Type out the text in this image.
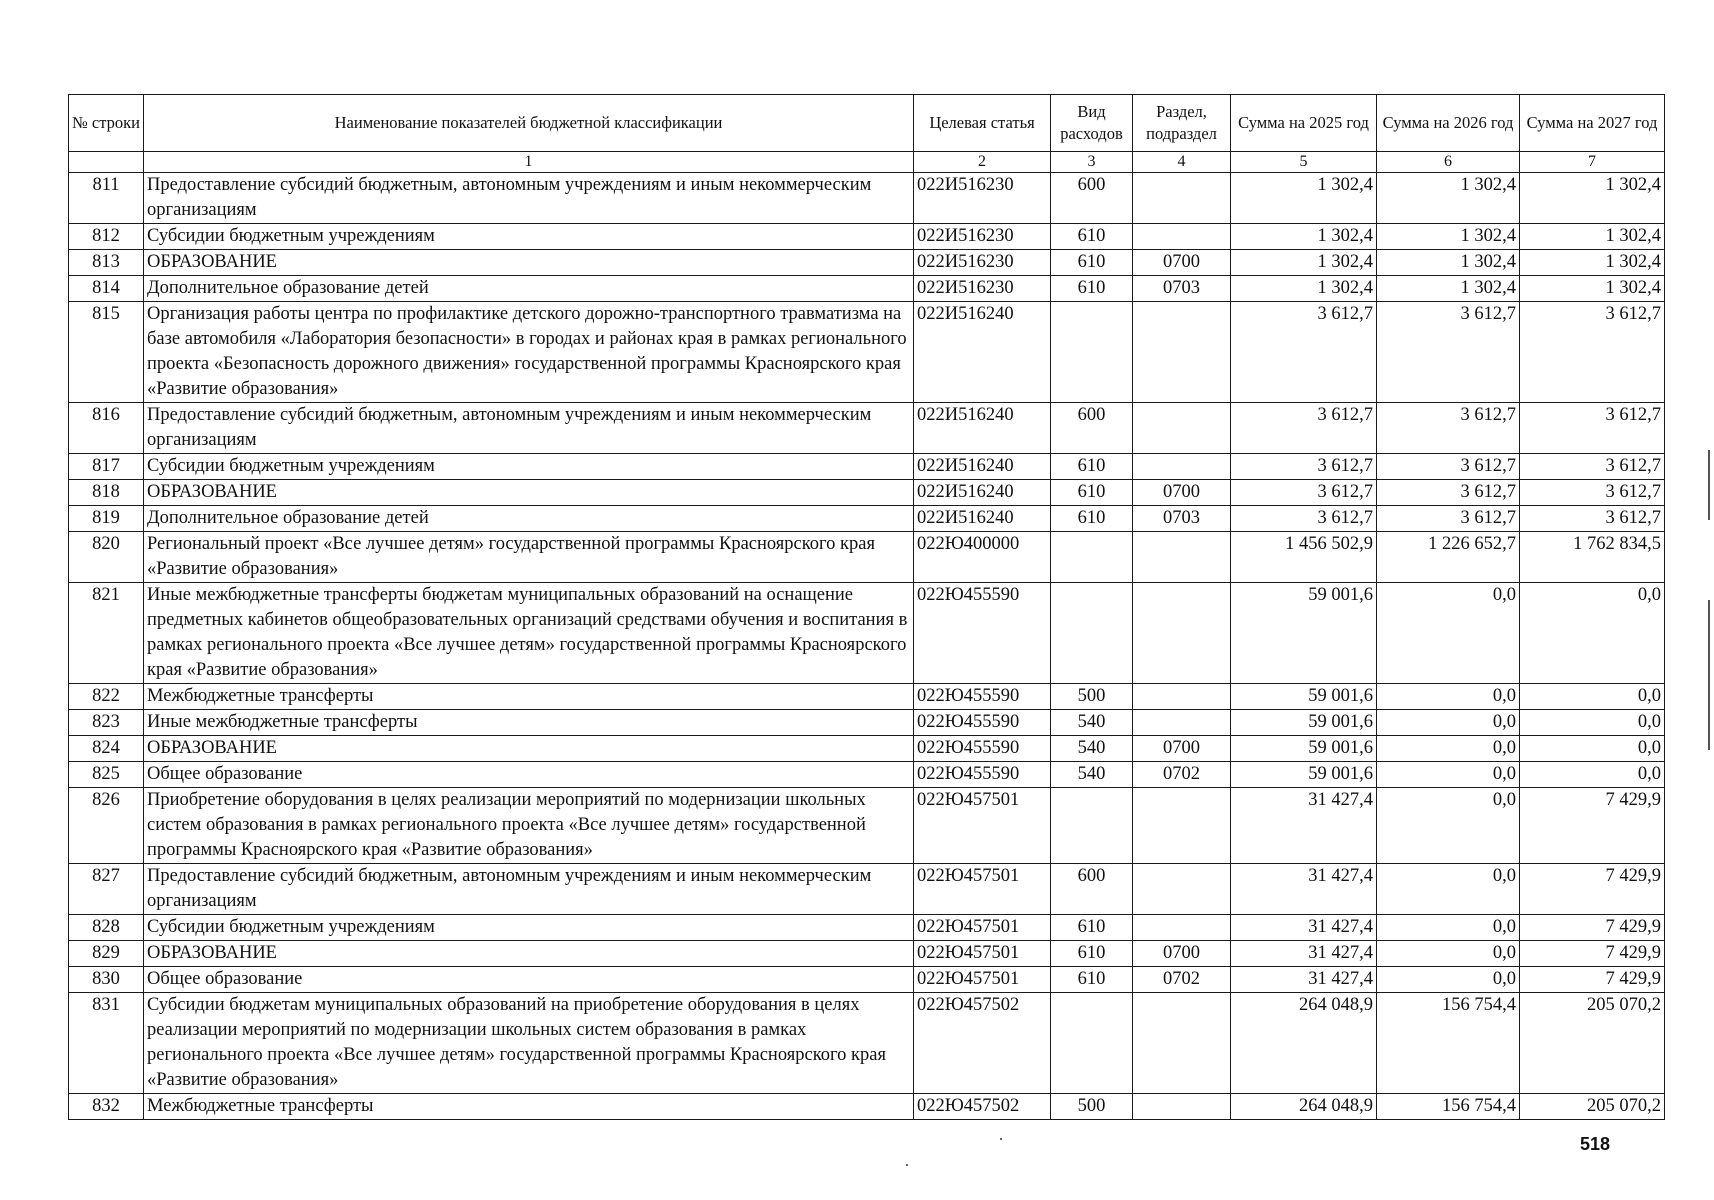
№ строки	Наименование показателей бюджетной классификации	Целевая статья	Вид расходов	Раздел, подраздел	Сумма на 2025 год	Сумма на 2026 год	Сумма на 2027 год
	1	2	3	4	5	6	7
811	Предоставление субсидий бюджетным, автономным учреждениям и иным некоммерческим организациям	022И516230	600		1 302,4	1 302,4	1 302,4
812	Субсидии бюджетным учреждениям	022И516230	610		1 302,4	1 302,4	1 302,4
813	ОБРАЗОВАНИЕ	022И516230	610	0700	1 302,4	1 302,4	1 302,4
814	Дополнительное образование детей	022И516230	610	0703	1 302,4	1 302,4	1 302,4
815	Организация работы центра по профилактике детского дорожно-транспортного травматизма на базе автомобиля «Лаборатория безопасности» в городах и районах края в рамках регионального проекта «Безопасность дорожного движения» государственной программы Красноярского края «Развитие образования»	022И516240			3 612,7	3 612,7	3 612,7
816	Предоставление субсидий бюджетным, автономным учреждениям и иным некоммерческим организациям	022И516240	600		3 612,7	3 612,7	3 612,7
817	Субсидии бюджетным учреждениям	022И516240	610		3 612,7	3 612,7	3 612,7
818	ОБРАЗОВАНИЕ	022И516240	610	0700	3 612,7	3 612,7	3 612,7
819	Дополнительное образование детей	022И516240	610	0703	3 612,7	3 612,7	3 612,7
820	Региональный проект «Все лучшее детям» государственной программы Красноярского края «Развитие образования»	022Ю400000			1 456 502,9	1 226 652,7	1 762 834,5
821	Иные межбюджетные трансферты бюджетам муниципальных образований на оснащение предметных кабинетов общеобразовательных организаций средствами обучения и воспитания в рамках регионального проекта «Все лучшее детям» государственной программы Красноярского края «Развитие образования»	022Ю455590			59 001,6	0,0	0,0
822	Межбюджетные трансферты	022Ю455590	500		59 001,6	0,0	0,0
823	Иные межбюджетные трансферты	022Ю455590	540		59 001,6	0,0	0,0
824	ОБРАЗОВАНИЕ	022Ю455590	540	0700	59 001,6	0,0	0,0
825	Общее образование	022Ю455590	540	0702	59 001,6	0,0	0,0
826	Приобретение оборудования в целях реализации мероприятий по модернизации школьных систем образования в рамках регионального проекта «Все лучшее детям» государственной программы Красноярского края «Развитие образования»	022Ю457501			31 427,4	0,0	7 429,9
827	Предоставление субсидий бюджетным, автономным учреждениям и иным некоммерческим организациям	022Ю457501	600		31 427,4	0,0	7 429,9
828	Субсидии бюджетным учреждениям	022Ю457501	610		31 427,4	0,0	7 429,9
829	ОБРАЗОВАНИЕ	022Ю457501	610	0700	31 427,4	0,0	7 429,9
830	Общее образование	022Ю457501	610	0702	31 427,4	0,0	7 429,9
831	Субсидии бюджетам муниципальных образований на приобретение оборудования в целях реализации мероприятий по модернизации школьных систем образования в рамках регионального проекта «Все лучшее детям» государственной программы Красноярского края «Развитие образования»	022Ю457502			264 048,9	156 754,4	205 070,2
832	Межбюджетные трансферты	022Ю457502	500		264 048,9	156 754,4	205 070,2
518
